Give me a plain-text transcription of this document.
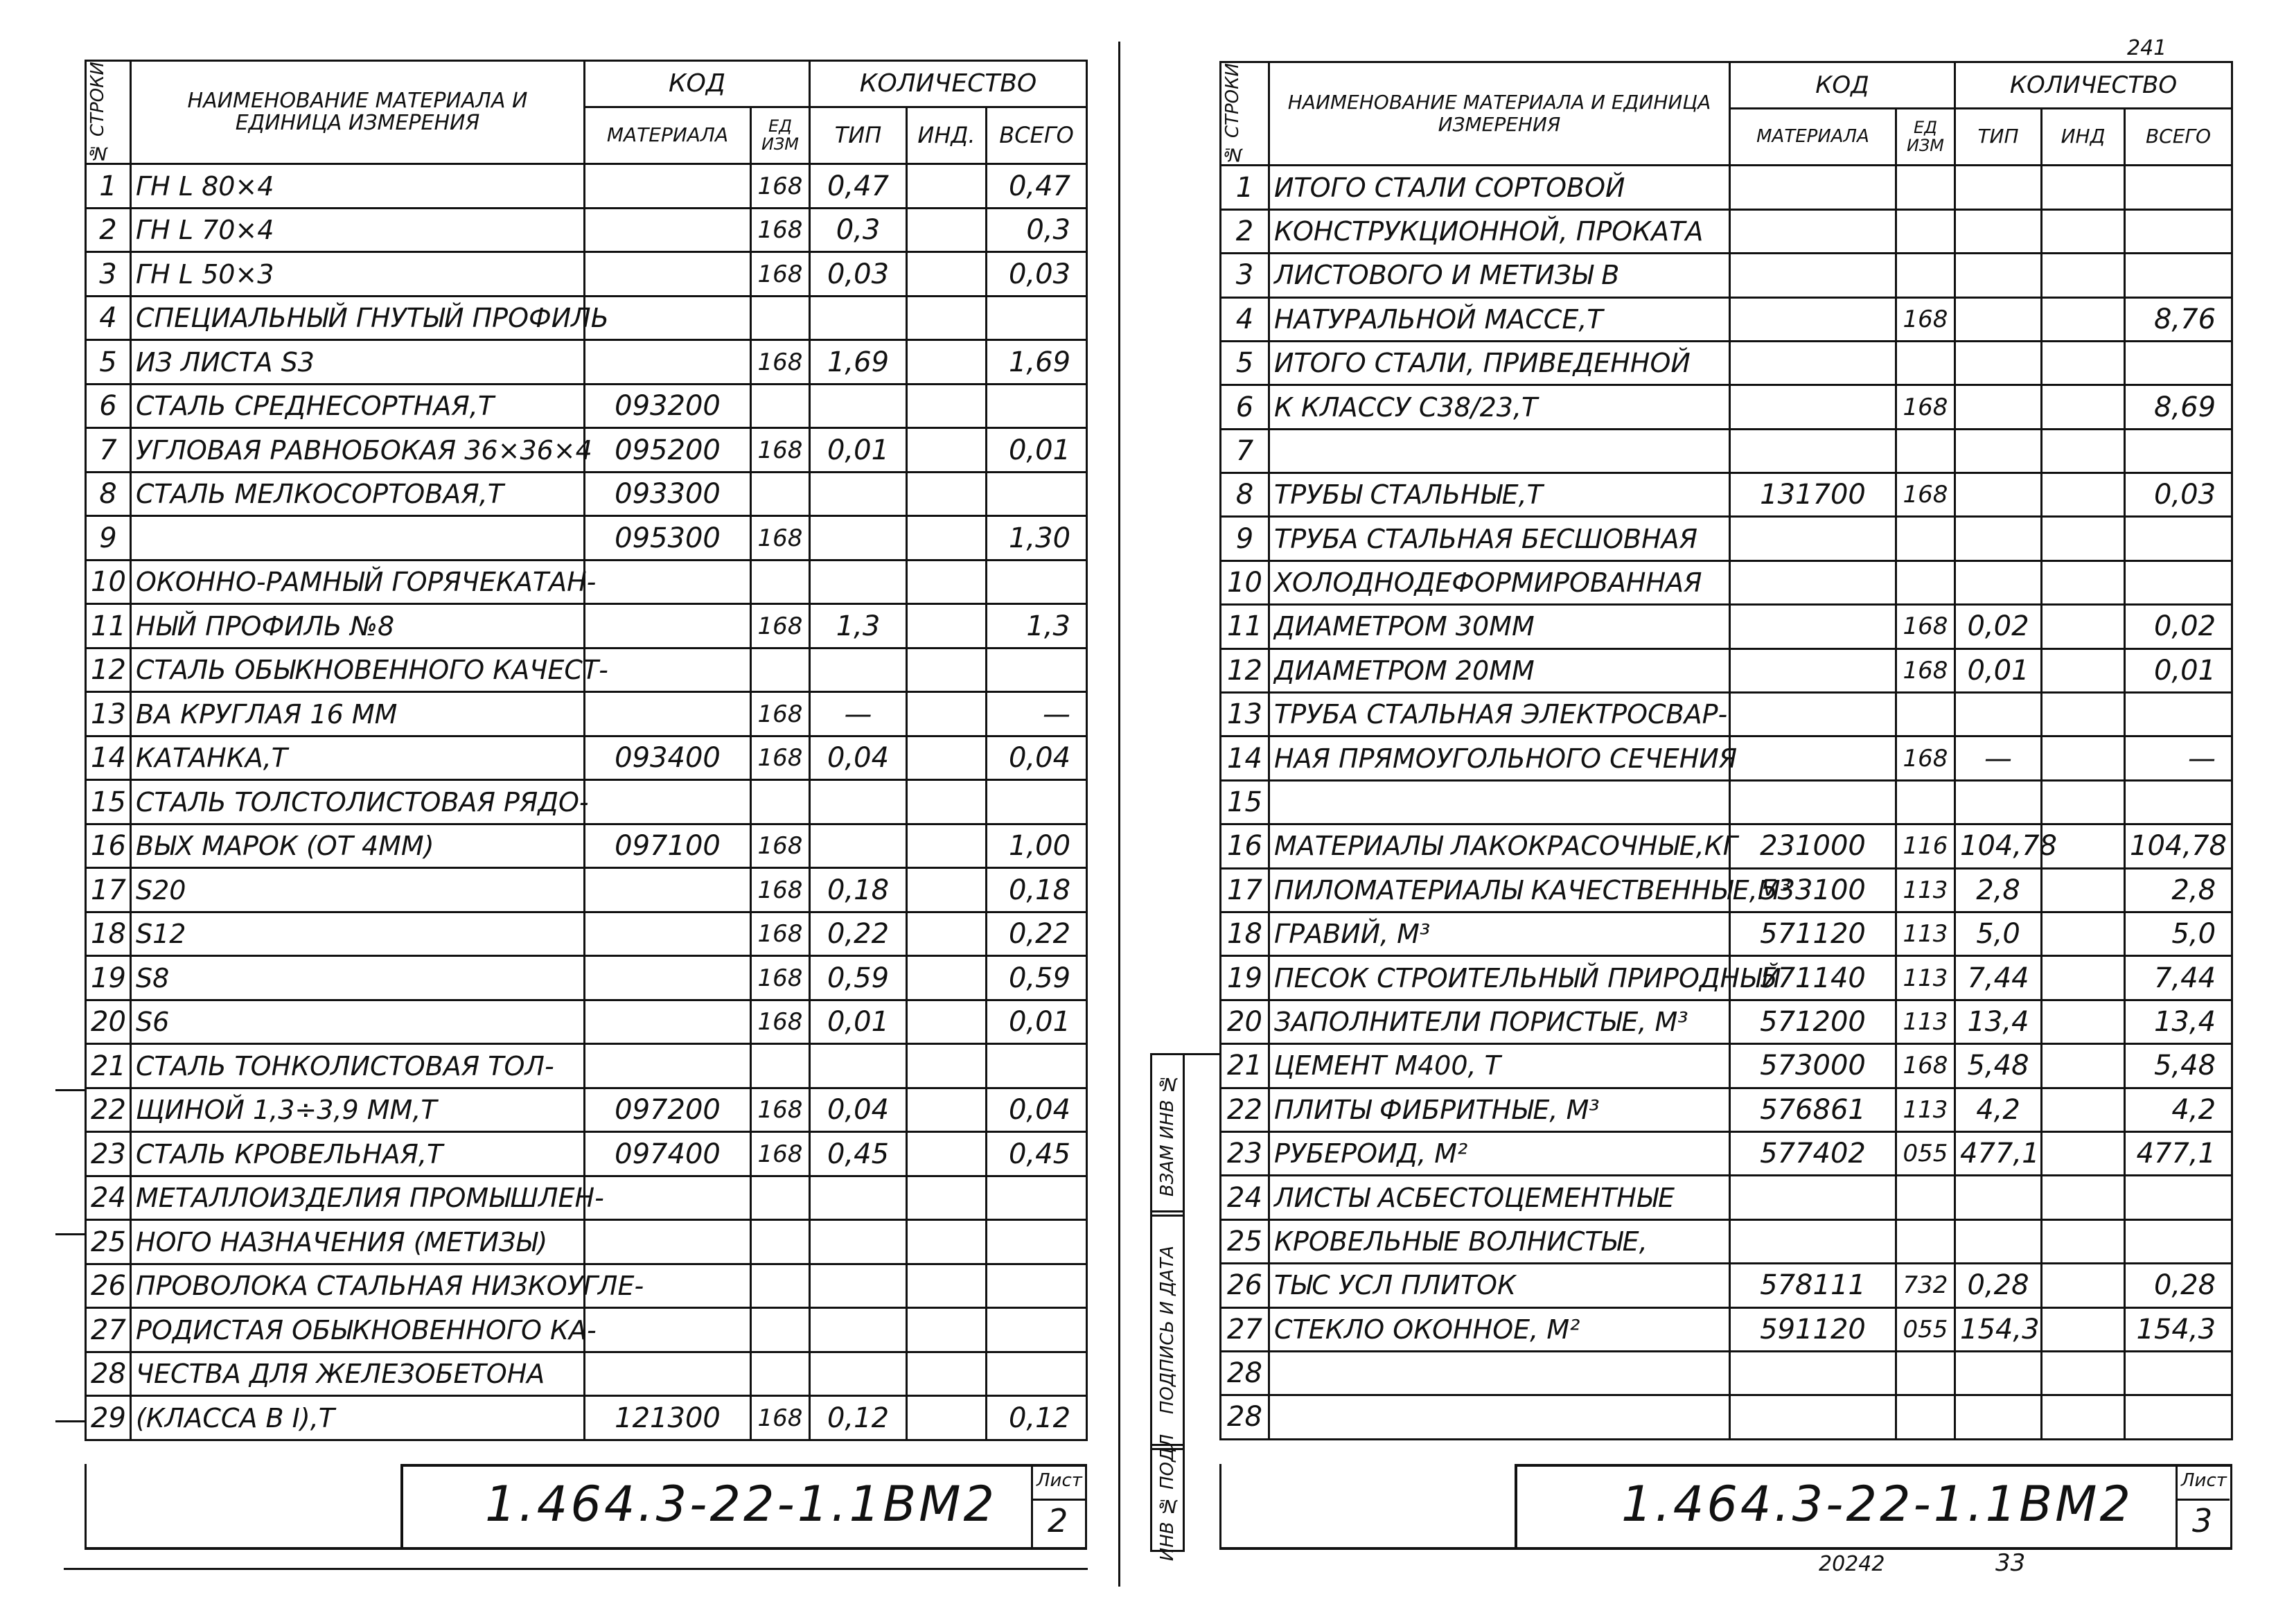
№ СТРОКИ	НАИМЕНОВАНИЕ МАТЕРИАЛА И ЕДИНИЦА ИЗМЕРЕНИЯ	КОД		КОЛИЧЕСТВО		
		МАТЕРИАЛА	ЕД ИЗМ	ТИП	ИНД.	ВСЕГО
1	ГН L 80×4		168	0,47		0,47
2	ГН L 70×4		168	0,3		0,3
3	ГН L 50×3		168	0,03		0,03
4	СПЕЦИАЛЬНЫЙ ГНУТЫЙ ПРОФИЛЬ					
5	ИЗ ЛИСТА S3		168	1,69		1,69
6	СТАЛЬ СРЕДНЕСОРТНАЯ,Т	093200				
7	УГЛОВАЯ РАВНОБОКАЯ 36×36×4	095200	168	0,01		0,01
8	СТАЛЬ МЕЛКОСОРТОВАЯ,Т	093300				
9		095300	168			1,30
10	ОКОННО-РАМНЫЙ ГОРЯЧЕКАТАН-					
11	НЫЙ ПРОФИЛЬ №8		168	1,3		1,3
12	СТАЛЬ ОБЫКНОВЕННОГО КАЧЕСТ-					
13	ВА КРУГЛАЯ 16 ММ		168	—		—
14	КАТАНКА,Т	093400	168	0,04		0,04
15	СТАЛЬ ТОЛСТОЛИСТОВАЯ РЯДО-					
16	ВЫХ МАРОК (ОТ 4ММ)	097100	168			1,00
17	S20		168	0,18		0,18
18	S12		168	0,22		0,22
19	S8		168	0,59		0,59
20	S6		168	0,01		0,01
21	СТАЛЬ ТОНКОЛИСТОВАЯ ТОЛ-					
22	ЩИНОЙ 1,3÷3,9 ММ,Т	097200	168	0,04		0,04
23	СТАЛЬ КРОВЕЛЬНАЯ,Т	097400	168	0,45		0,45
24	МЕТАЛЛОИЗДЕЛИЯ ПРОМЫШЛЕН-					
25	НОГО НАЗНАЧЕНИЯ (МЕТИЗЫ)					
26	ПРОВОЛОКА СТАЛЬНАЯ НИЗКОУГЛЕ-					
27	РОДИСТАЯ ОБЫКНОВЕННОГО КА-					
28	ЧЕСТВА ДЛЯ ЖЕЛЕЗОБЕТОНА					
29	(КЛАССА B I),Т	121300	168	0,12		0,12
1.464.3-22-1.1ВМ2 Лист
2
№ СТРОКИ	НАИМЕНОВАНИЕ МАТЕРИАЛА И ЕДИНИЦА ИЗМЕРЕНИЯ	КОД		КОЛИЧЕСТВО		
		МАТЕРИАЛА	ЕД ИЗМ	ТИП	ИНД	ВСЕГО
1	ИТОГО СТАЛИ СОРТОВОЙ					
2	КОНСТРУКЦИОННОЙ, ПРОКАТА					
3	ЛИСТОВОГО И МЕТИЗЫ В					
4	НАТУРАЛЬНОЙ МАССЕ,Т		168			8,76
5	ИТОГО СТАЛИ, ПРИВЕДЕННОЙ					
6	К КЛАССУ С38/23,Т		168			8,69
7						
8	ТРУБЫ СТАЛЬНЫЕ,Т	131700	168			0,03
9	ТРУБА СТАЛЬНАЯ БЕСШОВНАЯ					
10	ХОЛОДНОДЕФОРМИРОВАННАЯ					
11	ДИАМЕТРОМ 30ММ		168	0,02		0,02
12	ДИАМЕТРОМ 20ММ		168	0,01		0,01
13	ТРУБА СТАЛЬНАЯ ЭЛЕКТРОСВАР-					
14	НАЯ ПРЯМОУГОЛЬНОГО СЕЧЕНИЯ		168	—		—
15						
16	МАТЕРИАЛЫ ЛАКОКРАСОЧНЫЕ,КГ	231000	116	104,78		104,78
17	ПИЛОМАТЕРИАЛЫ КАЧЕСТВЕННЫЕ,М³	533100	113	2,8		2,8
18	ГРАВИЙ, М³	571120	113	5,0		5,0
19	ПЕСОК СТРОИТЕЛЬНЫЙ ПРИРОДНЫЙ	571140	113	7,44		7,44
20	ЗАПОЛНИТЕЛИ ПОРИСТЫЕ, М³	571200	113	13,4		13,4
21	ЦЕМЕНТ М400, Т	573000	168	5,48		5,48
22	ПЛИТЫ ФИБРИТНЫЕ, М³	576861	113	4,2		4,2
23	РУБЕРОИД, М²	577402	055	477,1		477,1
24	ЛИСТЫ АСБЕСТОЦЕМЕНТНЫЕ					
25	КРОВЕЛЬНЫЕ ВОЛНИСТЫЕ,					
26	ТЫС УСЛ ПЛИТОК	578111	732	0,28		0,28
27	СТЕКЛО ОКОННОЕ, М²	591120	055	154,3		154,3
28						
28						
ВЗАМ ИНВ №
ПОДПИСЬ И ДАТА
ИНВ № ПОДЛ	1.464.3-22-1.1ВМ2	Лист
3
20242	33
241
